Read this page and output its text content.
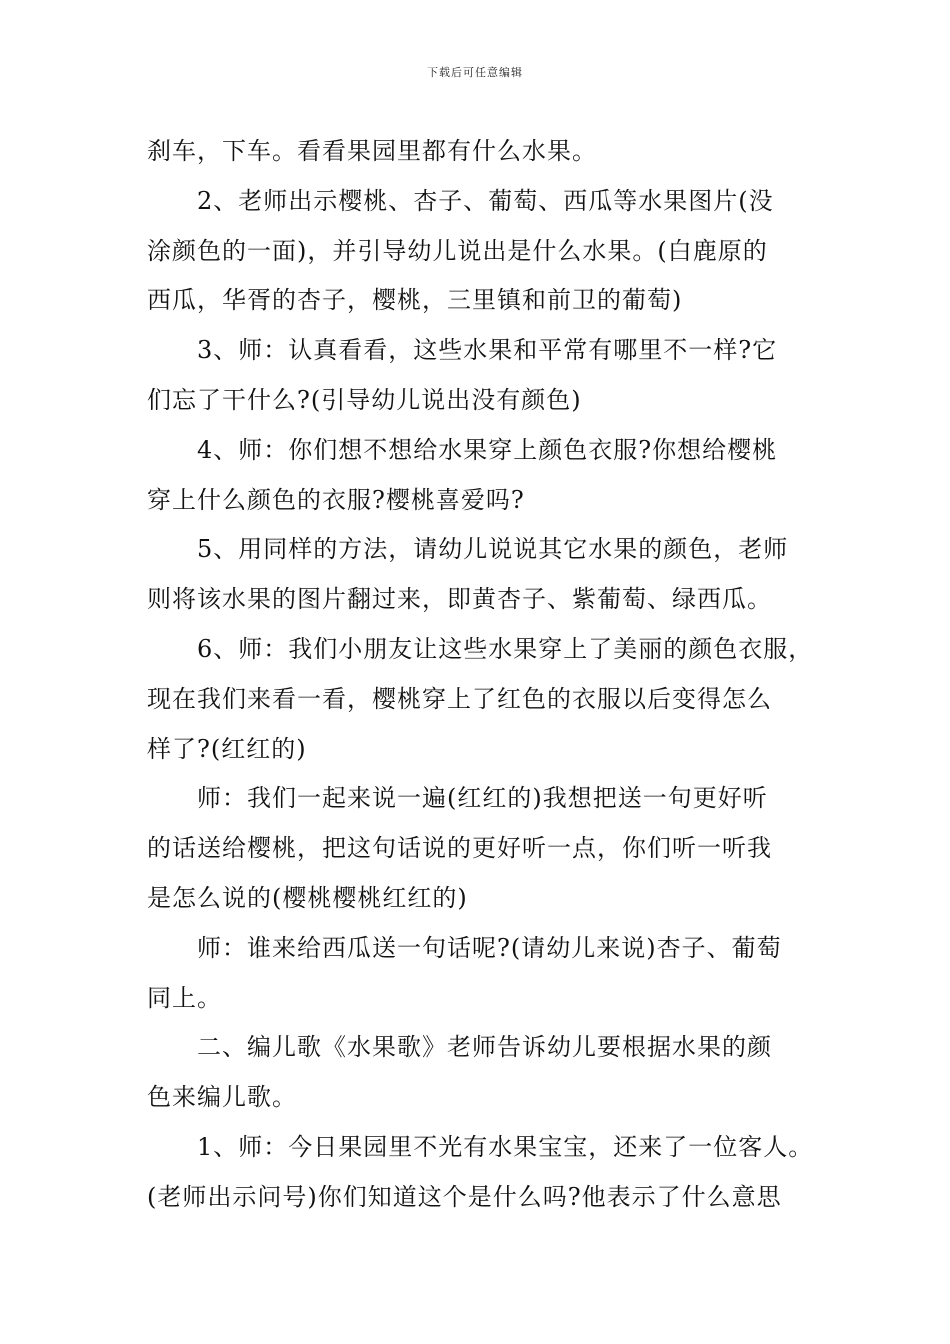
下载后可任意编辑
刹车，下车。看看果园里都有什么水果。
2、老师出示樱桃、杏子、葡萄、西瓜等水果图片(没
涂颜色的一面)，并引导幼儿说出是什么水果。(白鹿原的
西瓜，华胥的杏子，樱桃，三里镇和前卫的葡萄)
3、师：认真看看，这些水果和平常有哪里不一样?它
们忘了干什么?(引导幼儿说出没有颜色)
4、师：你们想不想给水果穿上颜色衣服?你想给樱桃
穿上什么颜色的衣服?樱桃喜爱吗?
5、用同样的方法，请幼儿说说其它水果的颜色，老师
则将该水果的图片翻过来，即黄杏子、紫葡萄、绿西瓜。
6、师：我们小朋友让这些水果穿上了美丽的颜色衣服，
现在我们来看一看，樱桃穿上了红色的衣服以后变得怎么
样了?(红红的)
师：我们一起来说一遍(红红的)我想把送一句更好听
的话送给樱桃，把这句话说的更好听一点，你们听一听我
是怎么说的(樱桃樱桃红红的)
师：谁来给西瓜送一句话呢?(请幼儿来说)杏子、葡萄
同上。
二、编儿歌《水果歌》老师告诉幼儿要根据水果的颜
色来编儿歌。
1、师：今日果园里不光有水果宝宝，还来了一位客人。
(老师出示问号)你们知道这个是什么吗?他表示了什么意思
